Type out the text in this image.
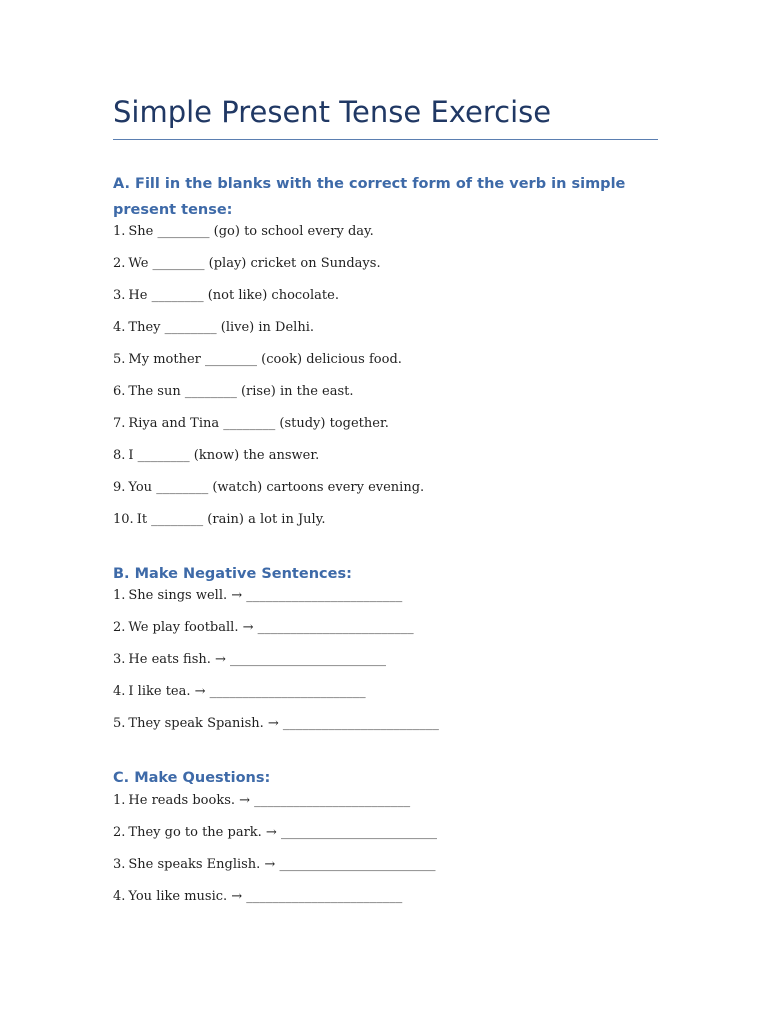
Simple Present Tense Exercise
A. Fill in the blanks with the correct form of the verb in simple present tense:

1. She ________ (go) to school every day.

2. We ________ (play) cricket on Sundays.

3. He ________ (not like) chocolate.

4. They ________ (live) in Delhi.

5. My mother ________ (cook) delicious food.

6. The sun ________ (rise) in the east.

7. Riya and Tina ________ (study) together.

8. I ________ (know) the answer.

9. You ________ (watch) cartoons every evening.

10. It ________ (rain) a lot in July.

B. Make Negative Sentences:

1. She sings well. → ________________________

2. We play football. → ________________________

3. He eats fish. → ________________________

4. I like tea. → ________________________

5. They speak Spanish. → ________________________

C. Make Questions:

1. He reads books. → ________________________

2. They go to the park. → ________________________

3. She speaks English. → ________________________

4. You like music. → ________________________
